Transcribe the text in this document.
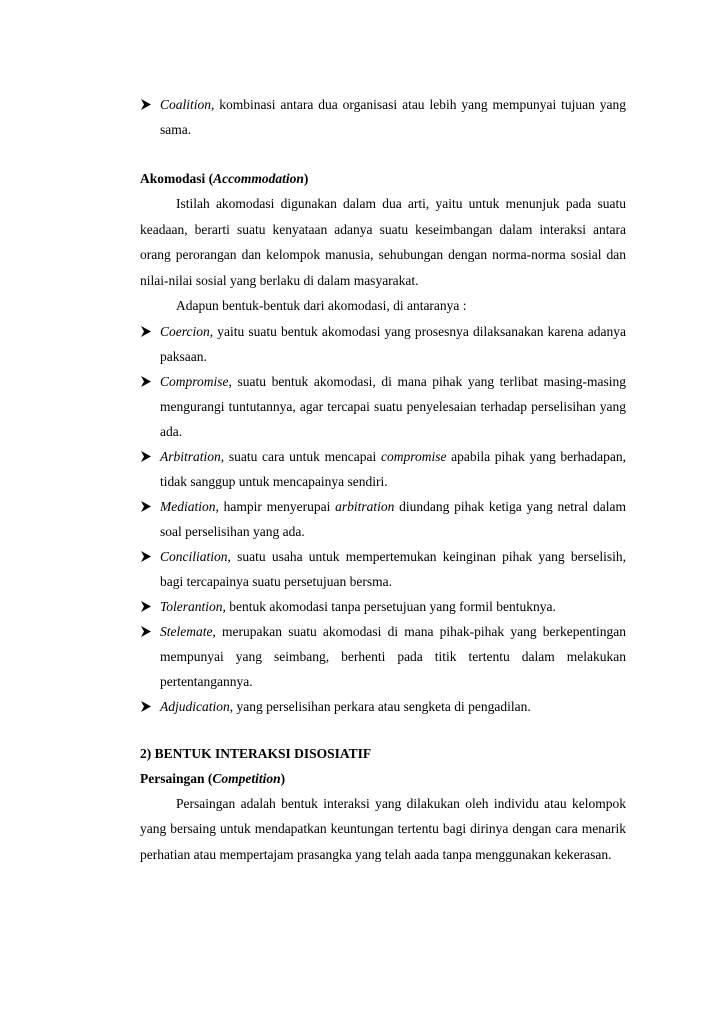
Coalition, kombinasi antara dua organisasi atau lebih yang mempunyai tujuan yang sama.
Akomodasi (Accommodation)
Istilah akomodasi digunakan dalam dua arti, yaitu untuk menunjuk pada suatu keadaan, berarti suatu kenyataan adanya suatu keseimbangan dalam interaksi antara orang perorangan dan kelompok manusia, sehubungan dengan norma-norma sosial dan nilai-nilai sosial yang berlaku di dalam masyarakat.
Adapun bentuk-bentuk dari akomodasi, di antaranya :
Coercion, yaitu suatu bentuk akomodasi yang prosesnya dilaksanakan karena adanya paksaan.
Compromise, suatu bentuk akomodasi, di mana pihak yang terlibat masing-masing mengurangi tuntutannya, agar tercapai suatu penyelesaian terhadap perselisihan yang ada.
Arbitration, suatu cara untuk mencapai compromise apabila pihak yang berhadapan, tidak sanggup untuk mencapainya sendiri.
Mediation, hampir menyerupai arbitration diundang pihak ketiga yang netral dalam soal perselisihan yang ada.
Conciliation, suatu usaha untuk mempertemukan keinginan pihak yang berselisih, bagi tercapainya suatu persetujuan bersma.
Tolerantion, bentuk akomodasi tanpa persetujuan yang formil bentuknya.
Stelemate, merupakan suatu akomodasi di mana pihak-pihak yang berkepentingan mempunyai yang seimbang, berhenti pada titik tertentu dalam melakukan pertentangannya.
Adjudication, yang perselisihan perkara atau sengketa di pengadilan.
2) BENTUK INTERAKSI DISOSIATIF
Persaingan (Competition)
Persaingan adalah bentuk interaksi yang dilakukan oleh individu atau kelompok yang bersaing untuk mendapatkan keuntungan tertentu bagi dirinya dengan cara menarik perhatian atau mempertajam prasangka yang telah aada tanpa menggunakan kekerasan.
